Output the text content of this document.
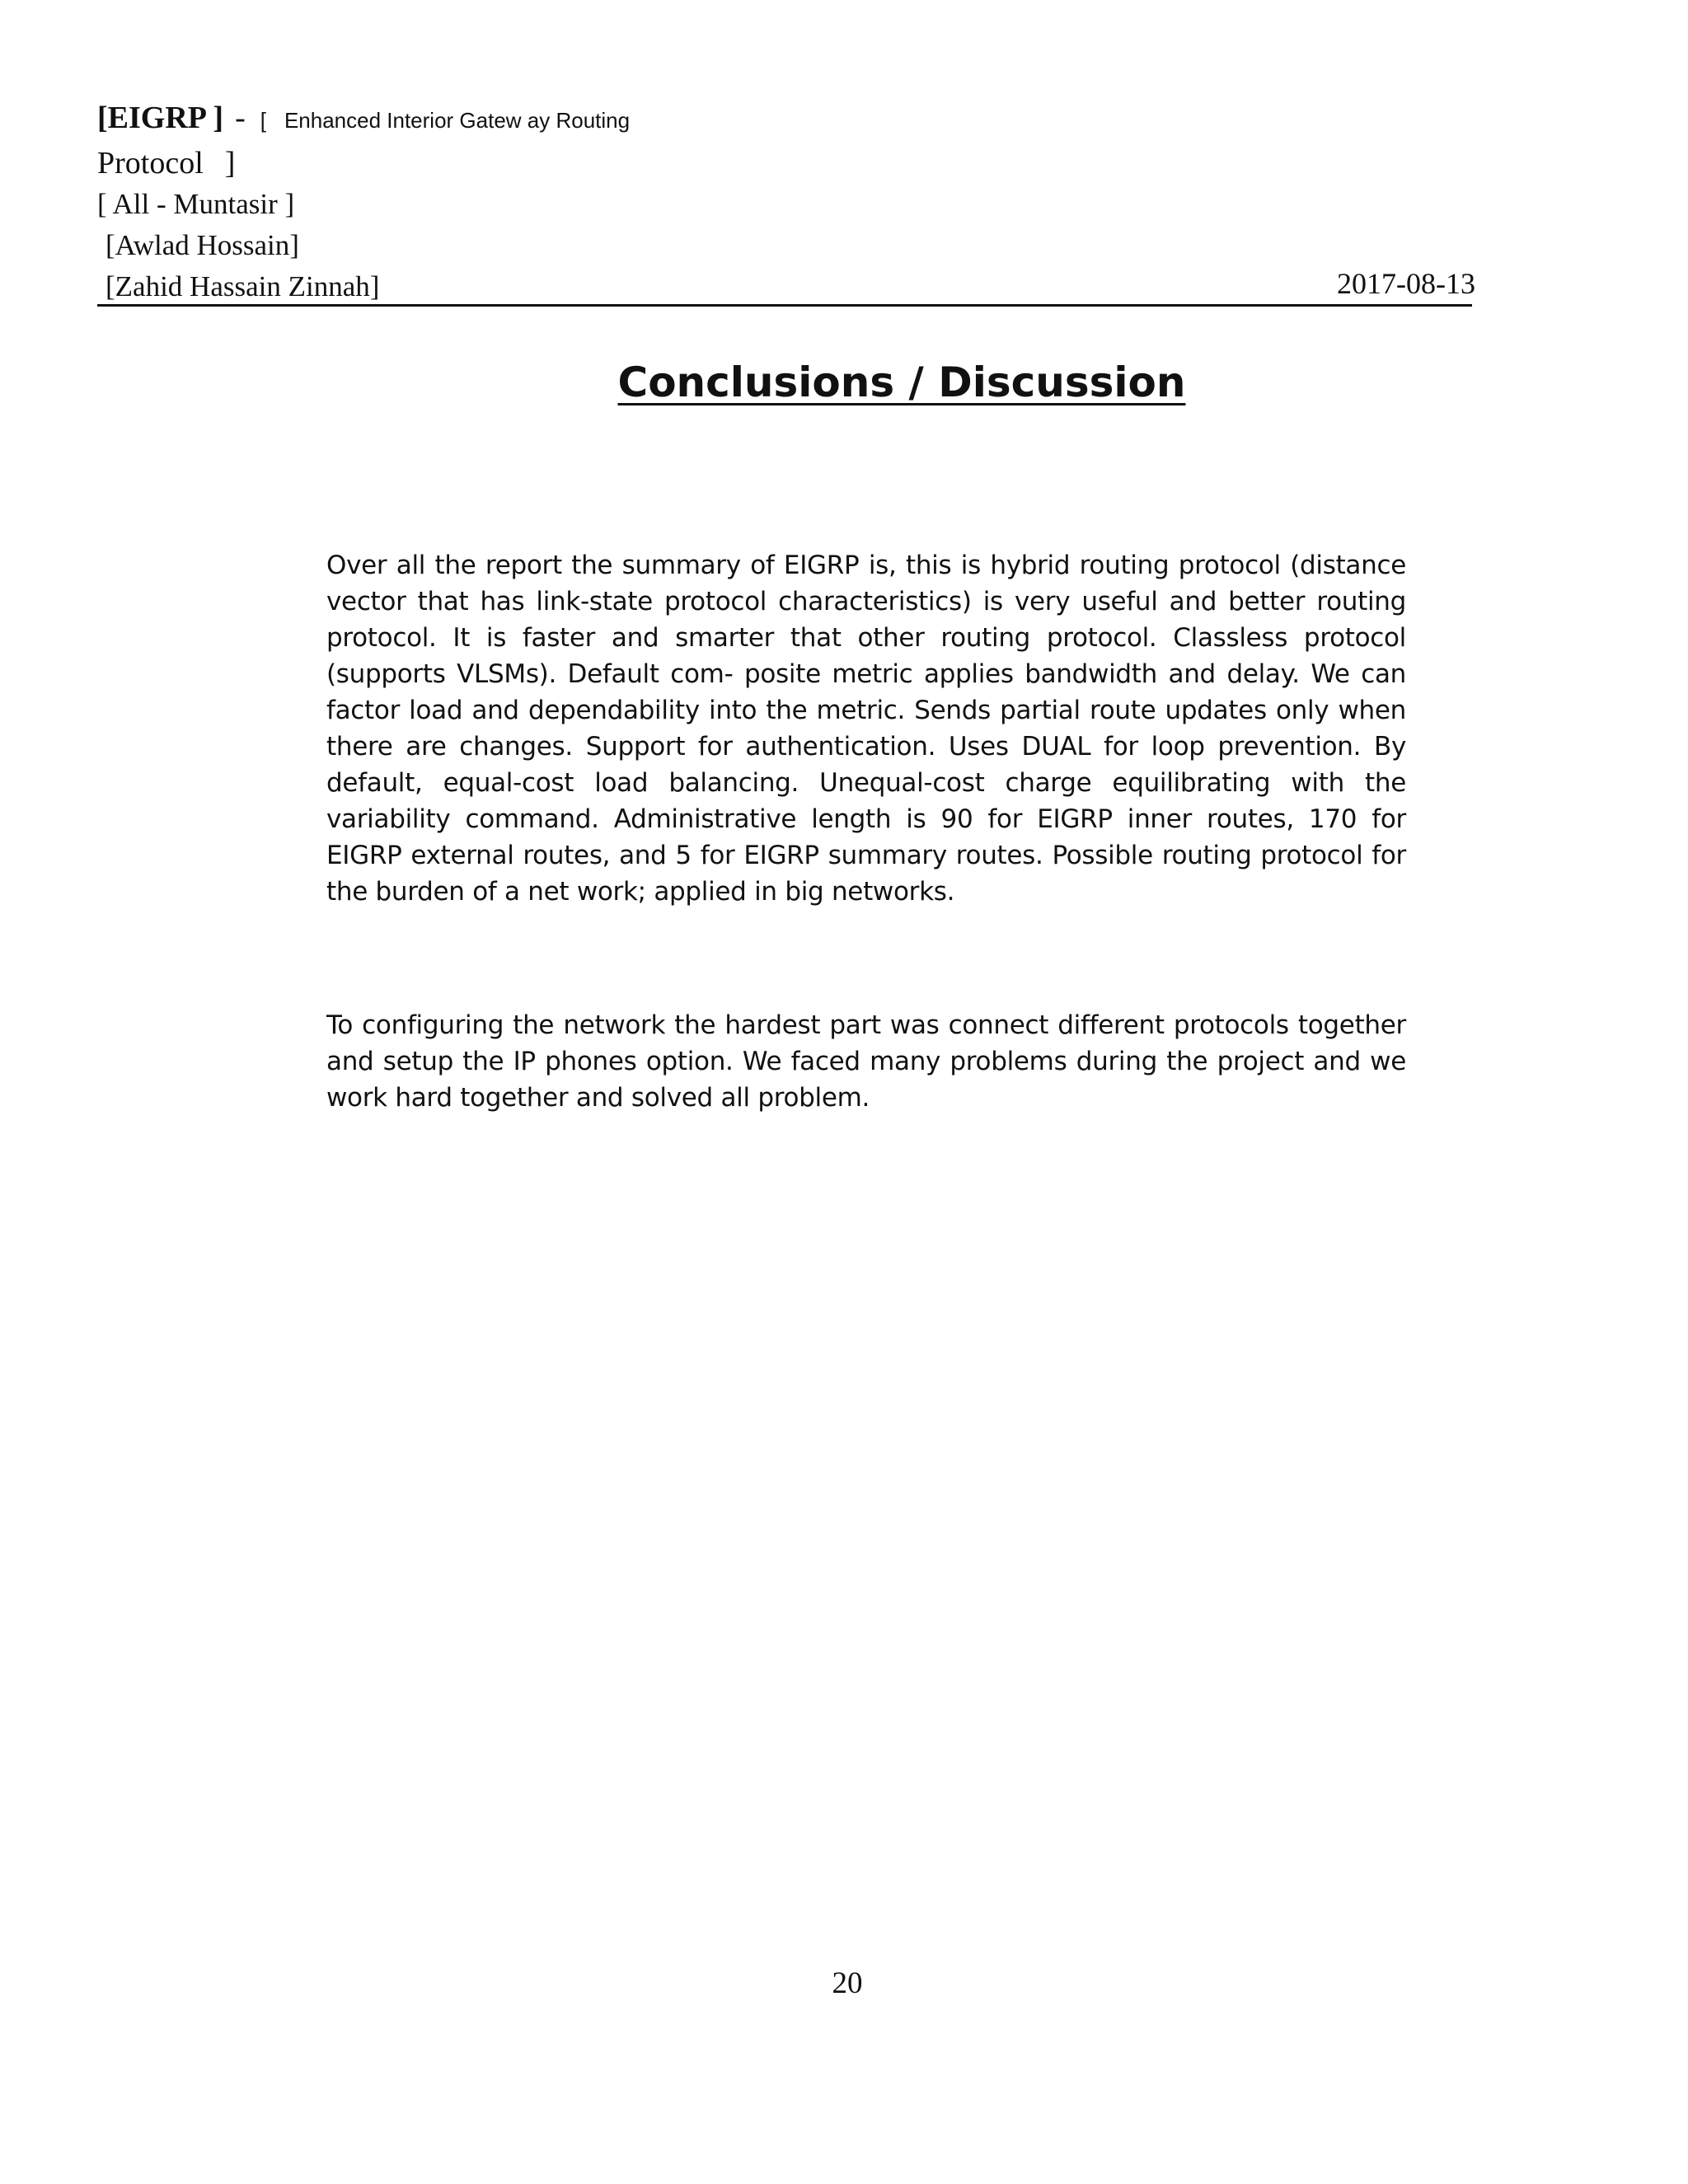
[EIGRP ] - [ Enhanced Interior Gatew ay Routing
Protocol ]
[ All - Muntasir ]
[Awlad Hossain]
[Zahid Hassain Zinnah]	2017-08-13
Conclusions / Discussion

Over all the report the summary of EIGRP is, this is hybrid routing protocol (distance vector that has link-state protocol characteristics) is very useful and better routing protocol. It is faster and smarter that other routing protocol. Classless protocol (supports VLSMs). Default com- posite metric applies bandwidth and delay. We can factor load and dependability into the metric. Sends partial route updates only when there are changes. Support for authentication. Uses DUAL for loop prevention. By default, equal-cost load balancing. Unequal-cost charge equilibrating with the variability command. Administrative length is 90 for EIGRP inner routes, 170 for EIGRP external routes, and 5 for EIGRP summary routes. Possible routing protocol for the burden of a net work; applied in big networks.

To configuring the network the hardest part was connect different protocols together and setup the IP phones option. We faced many problems during the project and we work hard together and solved all problem.

20
